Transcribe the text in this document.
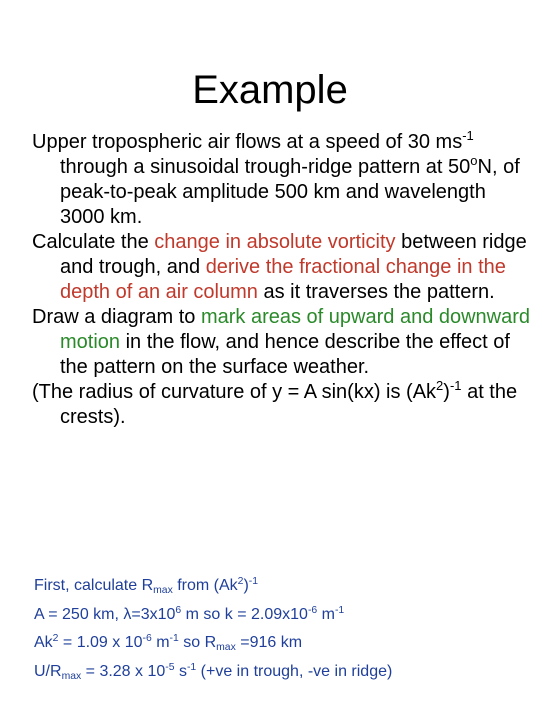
Example

Upper tropospheric air flows at a speed of 30 $ms^{-1}$ through a sinusoidal trough-ridge pattern at 50$^o$N, of peak-to-peak amplitude 500 km and wavelength 3000 km.

Calculate the change in absolute vorticity between ridge and trough, and derive the fractional change in the depth of an air column as it traverses the pattern.

Draw a diagram to mark areas of upward and downward motion in the flow, and hence describe the effect of the pattern on the surface weather.

(The radius of curvature of y = A sin(kx) is $(Ak^2)^{-1}$ at the crests).

First, calculate $R_{max}$ from $(Ak^2)^{-1}$

A = 250 km, $\lambda=3x10^6$ m so $k = 2.09x10^{-6}$ $m^{-1}$

$Ak^2 = 1.09$ x $10^{-6}$ $m^{-1}$ so $R_{max} =916$ km

$U/R_{max} = 3.28$ x $10^{-5}$ $s^{-1}$ (+ve in trough, -ve in ridge)
